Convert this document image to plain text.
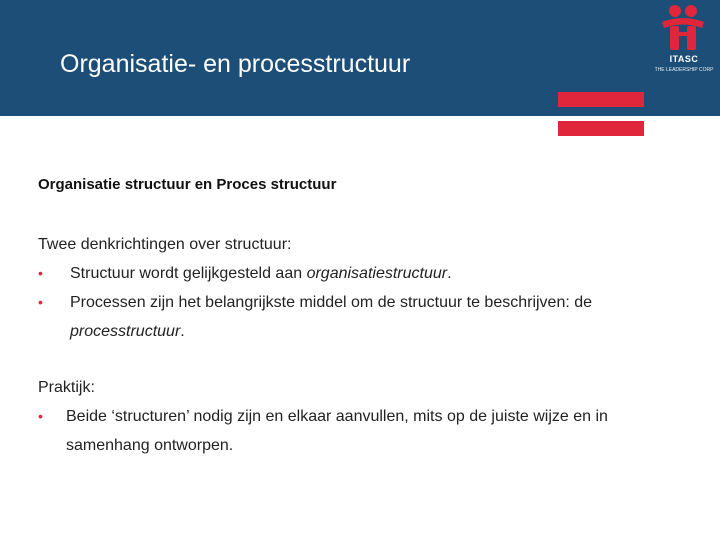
Organisatie- en processtructuur	ITASC
THE LEADERSHIP CORP
Organisatie structuur en Proces structuur
Twee denkrichtingen over structuur:
• Structuur wordt gelijkgesteld aan organisatiestructuur.
• Processen zijn het belangrijkste middel om de structuur te beschrijven: de
processtructuur.
Praktijk:
• Beide ‘structuren’ nodig zijn en elkaar aanvullen, mits op de juiste wijze en in
samenhang ontworpen.
